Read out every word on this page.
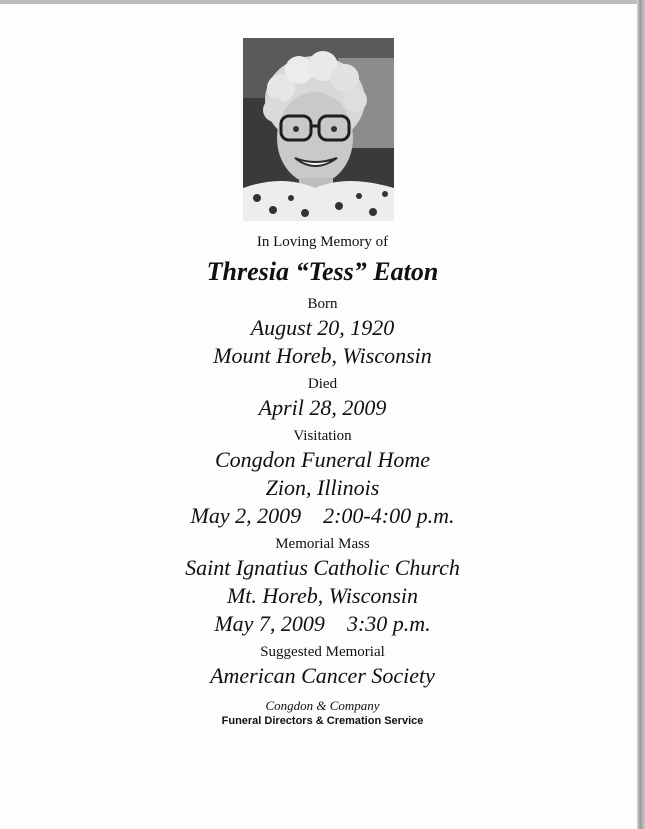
In Loving Memory of
Thresia “Tess” Eaton
Born
August 20, 1920
Mount Horeb, Wisconsin
Died
April 28, 2009
Visitation
Congdon Funeral Home
Zion, Illinois
May 2, 2009 2:00-4:00 p.m.
Memorial Mass
Saint Ignatius Catholic Church
Mt. Horeb, Wisconsin
May 7, 2009 3:30 p.m.
Suggested Memorial
American Cancer Society
Congdon & Company
Funeral Directors & Cremation Service
